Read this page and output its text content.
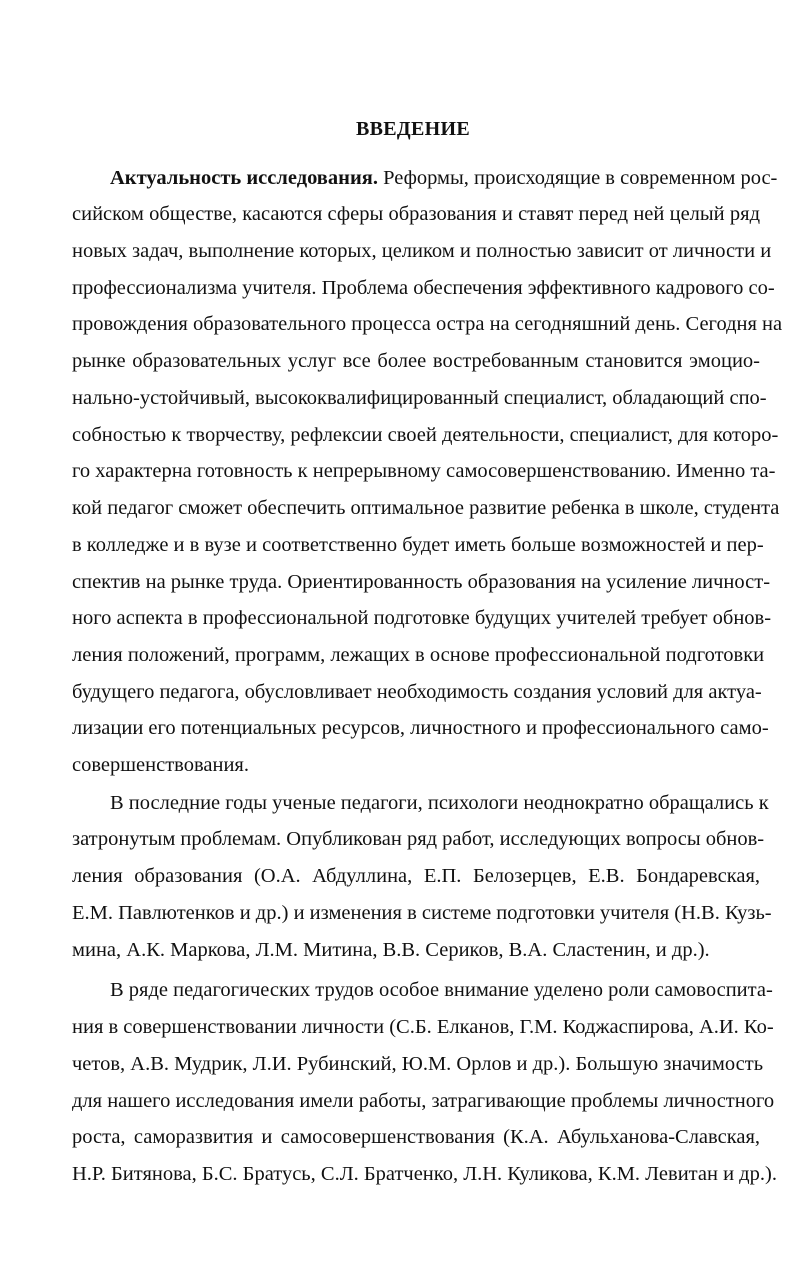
ВВЕДЕНИЕ
Актуальность исследования. Реформы, происходящие в современном рос-
сийском обществе, касаются сферы образования и ставят перед ней целый ряд
новых задач, выполнение которых, целиком и полностью зависит от личности и
профессионализма учителя. Проблема обеспечения эффективного кадрового со-
провождения образовательного процесса остра на сегодняшний день. Сегодня на
рынке образовательных услуг все более востребованным становится эмоцио-
нально-устойчивый, высококвалифицированный специалист, обладающий спо-
собностью к творчеству, рефлексии своей деятельности, специалист, для которо-
го характерна готовность к непрерывному самосовершенствованию. Именно та-
кой педагог сможет обеспечить оптимальное развитие ребенка в школе, студента
в колледже и в вузе и соответственно будет иметь больше возможностей и пер-
спектив на рынке труда. Ориентированность образования на усиление личност-
ного аспекта в профессиональной подготовке будущих учителей требует обнов-
ления положений, программ, лежащих в основе профессиональной подготовки
будущего педагога, обусловливает необходимость создания условий для актуа-
лизации его потенциальных ресурсов, личностного и профессионального само-
совершенствования.
В последние годы ученые педагоги, психологи неоднократно обращались к
затронутым проблемам. Опубликован ряд работ, исследующих вопросы обнов-
ления образования (О.А. Абдуллина, Е.П. Белозерцев, Е.В. Бондаревская,
Е.М. Павлютенков и др.) и изменения в системе подготовки учителя (Н.В. Кузь-
мина, А.К. Маркова, Л.М. Митина, В.В. Сериков, В.А. Сластенин, и др.).
В ряде педагогических трудов особое внимание уделено роли самовоспита-
ния в совершенствовании личности (С.Б. Елканов, Г.М. Коджаспирова, А.И. Ко-
четов, А.В. Мудрик, Л.И. Рубинский, Ю.М. Орлов и др.). Большую значимость
для нашего исследования имели работы, затрагивающие проблемы личностного
роста, саморазвития и самосовершенствования (К.А. Абульханова-Славская,
Н.Р. Битянова, Б.С. Братусь, С.Л. Братченко, Л.Н. Куликова, К.М. Левитан и др.).
